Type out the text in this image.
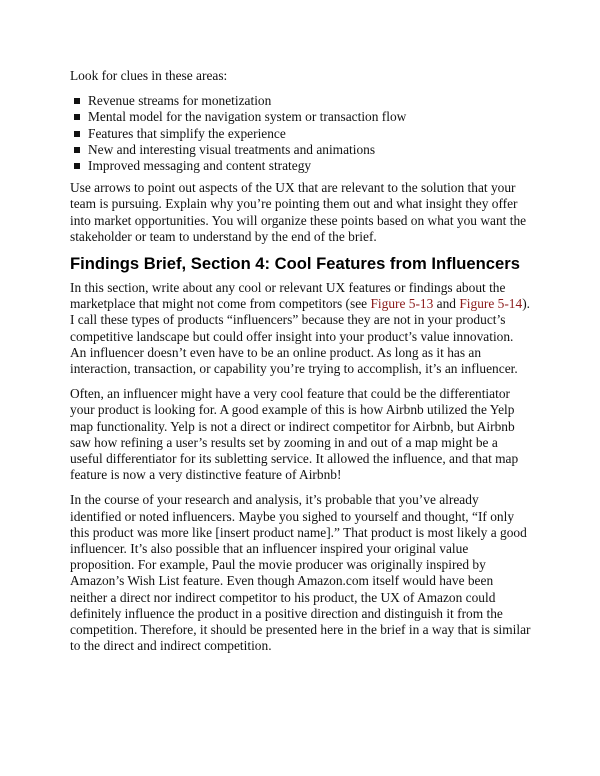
Look for clues in these areas:

Revenue streams for monetization
Mental model for the navigation system or transaction flow
Features that simplify the experience
New and interesting visual treatments and animations
Improved messaging and content strategy

Use arrows to point out aspects of the UX that are relevant to the solution that your team is pursuing. Explain why you’re pointing them out and what insight they offer into market opportunities. You will organize these points based on what you want the stakeholder or team to understand by the end of the brief.

Findings Brief, Section 4: Cool Features from Influencers

In this section, write about any cool or relevant UX features or findings about the marketplace that might not come from competitors (see Figure 5-13 and Figure 5-14). I call these types of products “influencers” because they are not in your product’s competitive landscape but could offer insight into your product’s value innovation. An influencer doesn’t even have to be an online product. As long as it has an interaction, transaction, or capability you’re trying to accomplish, it’s an influencer.

Often, an influencer might have a very cool feature that could be the differentiator your product is looking for. A good example of this is how Airbnb utilized the Yelp map functionality. Yelp is not a direct or indirect competitor for Airbnb, but Airbnb saw how refining a user’s results set by zooming in and out of a map might be a useful differentiator for its subletting service. It allowed the influence, and that map feature is now a very distinctive feature of Airbnb!

In the course of your research and analysis, it’s probable that you’ve already identified or noted influencers. Maybe you sighed to yourself and thought, “If only this product was more like [insert product name].” That product is most likely a good influencer. It’s also possible that an influencer inspired your original value proposition. For example, Paul the movie producer was originally inspired by Amazon’s Wish List feature. Even though Amazon.com itself would have been neither a direct nor indirect competitor to his product, the UX of Amazon could definitely influence the product in a positive direction and distinguish it from the competition. Therefore, it should be presented here in the brief in a way that is similar to the direct and indirect competition.
